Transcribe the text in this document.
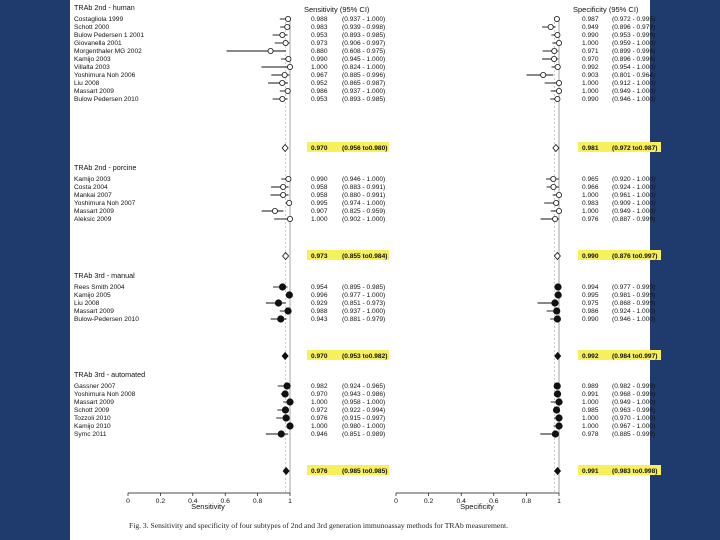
Sensitivity (95% CI)	Specificity (95% CI)
Sensitivity	Specificity
Fig. 3. Sensitivity and specificity of four subtypes of 2nd and 3rd generation immunoassay methods for TRAb measurement.
TRAb 2nd - human
Costagliola 1999	0.988 (0.937 - 1.000)	0.987 (0.972 - 0.995)
Schott 2000	0.983 (0.939 - 0.998)	0.949 (0.896 - 0.979)
Bulow Pedersen 1 2001	0.953 (0.893 - 0.985)	0.990 (0.953 - 0.999)
Giovanella 2001	0.973 (0.906 - 0.997)	1.000 (0.959 - 1.000)
Morgenthaler MG 2002	0.880 (0.608 - 0.975)	0.971 (0.899 - 0.996)
Kamijo 2003	0.990 (0.945 - 1.000)	0.970 (0.896 - 0.996)
Villalta 2003	1.000 (0.824 - 1.000)	0.992 (0.954 - 1.000)
Yoshimura Noh 2006	0.967 (0.885 - 0.996)	0.903 (0.801 - 0.964)
Liu 2008	0.952 (0.865 - 0.987)	1.000 (0.912 - 1.000)
Massart 2009	0.986 (0.937 - 1.000)	1.000 (0.949 - 1.000)
Bulow Pedersen 2010	0.953 (0.893 - 0.985)	0.990 (0.946 - 1.000)
0.970 (0.956 to0.980)	0.981 (0.972 to0.987)
TRAb 2nd - porcine
Kamijo 2003	0.990 (0.946 - 1.000)	0.965 (0.920 - 1.000)
Costa 2004	0.958 (0.883 - 0.991)	0.966 (0.924 - 1.000)
Mankai 2007	0.958 (0.880 - 0.991)	1.000 (0.961 - 1.000)
Yoshimura Noh 2007	0.995 (0.974 - 1.000)	0.983 (0.909 - 1.000)
Massart 2009	0.907 (0.825 - 0.959)	1.000 (0.949 - 1.000)
Aleksic 2009	1.000 (0.902 - 1.000)	0.976 (0.887 - 0.999)
0.973 (0.855 to0.984)	0.990 (0.876 to0.997)
TRAb 3rd - manual
Rees Smith 2004	0.954 (0.895 - 0.985)	0.994 (0.977 - 0.999)
Kamijo 2005	0.996 (0.977 - 1.000)	0.995 (0.981 - 0.999)
Liu 2008	0.929 (0.851 - 0.973)	0.975 (0.868 - 0.999)
Massart 2009	0.988 (0.937 - 1.000)	0.986 (0.924 - 1.000)
Bulow-Pedersen 2010	0.943 (0.881 - 0.979)	0.990 (0.946 - 1.000)
0.970 (0.953 to0.982)	0.992 (0.984 to0.997)
TRAb 3rd - automated
Gassner 2007	0.982 (0.924 - 0.965)	0.989 (0.982 - 0.999)
Yoshimura Noh 2008	0.970 (0.943 - 0.986)	0.991 (0.968 - 0.999)
Massart 2009	1.000 (0.958 - 1.000)	1.000 (0.949 - 1.000)
Schott 2009	0.972 (0.922 - 0.994)	0.985 (0.963 - 0.996)
Tozzoli 2010	0.976 (0.915 - 0.997)	1.000 (0.970 - 1.000)
Kamijo 2010	1.000 (0.980 - 1.000)	1.000 (0.967 - 1.000)
Symc 2011	0.946 (0.851 - 0.989)	0.978 (0.885 - 0.999)
0.976 (0.985 to0.985)	0.991 (0.983 to0.998)
0	0.2	0.4	0.6	0.8	1	0	0.2	0.4	0.6	0.8	1
